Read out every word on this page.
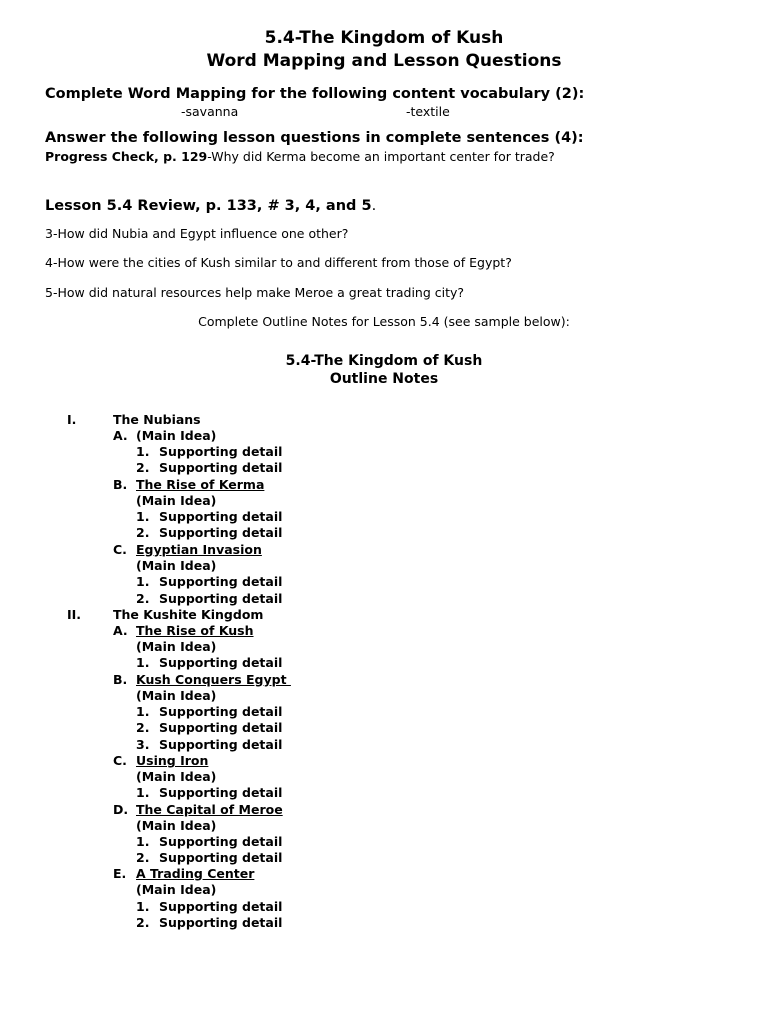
5.4-The Kingdom of Kush
Word Mapping and Lesson Questions
Complete Word Mapping for the following content vocabulary (2):
-savanna	-textile
Answer the following lesson questions in complete sentences (4):
Progress Check, p. 129-Why did Kerma become an important center for trade?
Lesson 5.4 Review, p. 133, # 3, 4, and 5.
3-How did Nubia and Egypt influence one other?
4-How were the cities of Kush similar to and different from those of Egypt?
5-How did natural resources help make Meroe a great trading city?
Complete Outline Notes for Lesson 5.4 (see sample below):
5.4-The Kingdom of Kush
Outline Notes
I.	The Nubians
A. (Main Idea)
1. Supporting detail
2. Supporting detail
B. The Rise of Kerma
(Main Idea)
1. Supporting detail
2. Supporting detail
C. Egyptian Invasion
(Main Idea)
1. Supporting detail
2. Supporting detail
II.	The Kushite Kingdom
A. The Rise of Kush
(Main Idea)
1. Supporting detail
B. Kush Conquers Egypt
(Main Idea)
1. Supporting detail
2. Supporting detail
3. Supporting detail
C. Using Iron
(Main Idea)
1. Supporting detail
D. The Capital of Meroe
(Main Idea)
1. Supporting detail
2. Supporting detail
E. A Trading Center
(Main Idea)
1. Supporting detail
2. Supporting detail
